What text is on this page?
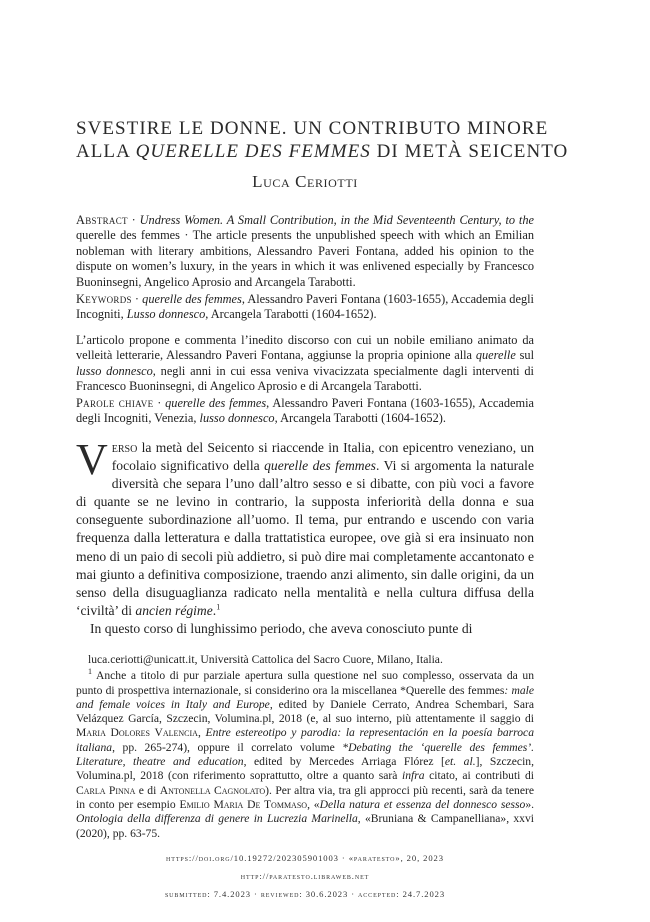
SVESTIRE LE DONNE. UN CONTRIBUTO MINORE
ALLA QUERELLE DES FEMMES DI METÀ SEICENTO
Luca Ceriotti
Abstract · Undress Women. A Small Contribution, in the Mid Seventeenth Century, to the querelle des femmes · The article presents the unpublished speech with which an Emilian nobleman with literary ambitions, Alessandro Paveri Fontana, added his opinion to the dispute on women’s luxury, in the years in which it was enlivened especially by Francesco Buoninsegni, Angelico Aprosio and Arcangela Tarabotti.
Keywords · querelle des femmes, Alessandro Paveri Fontana (1603-1655), Accademia degli Incogniti, Lusso donnesco, Arcangela Tarabotti (1604-1652).
L’articolo propone e commenta l’inedito discorso con cui un nobile emiliano animato da velleità letterarie, Alessandro Paveri Fontana, aggiunse la propria opinione alla querelle sul lusso donnesco, negli anni in cui essa veniva vivacizzata specialmente dagli interventi di Francesco Buoninsegni, di Angelico Aprosio e di Arcangela Tarabotti.
Parole chiave · querelle des femmes, Alessandro Paveri Fontana (1603-1655), Accademia degli Incogniti, Venezia, lusso donnesco, Arcangela Tarabotti (1604-1652).

Verso la metà del Seicento si riaccende in Italia, con epicentro veneziano, un focolaio significativo della querelle des femmes. Vi si argomenta la naturale diversità che separa l’uno dall’altro sesso e si dibatte, con più voci a favore di quante se ne levino in contrario, la supposta inferiorità della donna e sua conseguente subordinazione all’uomo. Il tema, pur entrando e uscendo con varia frequenza dalla letteratura e dalla trattatistica europee, ove già si era insinuato non meno di un paio di secoli più addietro, si può dire mai completamente accantonato e mai giunto a definitiva composizione, traendo anzi alimento, sin dalle origini, da un senso della disuguaglianza radicato nella mentalità e nella cultura diffusa della ‘civiltà’ di ancien régime.$^1$

In questo corso di lunghissimo periodo, che aveva conosciuto punte di

luca.ceriotti@unicatt.it, Università Cattolica del Sacro Cuore, Milano, Italia.

$^1$ Anche a titolo di pur parziale apertura sulla questione nel suo complesso, osservata da un punto di prospettiva internazionale, si considerino ora la miscellanea *Querelle des femmes: male and female voices in Italy and Europe, edited by Daniele Cerrato, Andrea Schembari, Sara Velázquez García, Szczecin, Volumina.pl, 2018 (e, al suo interno, più attentamente il saggio di Maria Dolores Valencia, Entre estereotipo y parodia: la representación en la poesía barroca italiana, pp. 265-274), oppure il correlato volume *Debating the ‘querelle des femmes’. Literature, theatre and education, edited by Mercedes Arriaga Flórez [et. al.], Szczecin, Volumina.pl, 2018 (con riferimento soprattutto, oltre a quanto sarà infra citato, ai contributi di Carla Pinna e di Antonella Cagnolato). Per altra via, tra gli approcci più recenti, sarà da tenere in conto per esempio Emilio Maria De Tommaso, «Della natura et essenza del donnesco sesso». Ontologia della differenza di genere in Lucrezia Marinella, «Bruniana & Campanelliana», xxvi (2020), pp. 63-75.

https://doi.org/10.19272/202305901003 · «paratesto», 20, 2023
http://paratesto.libraweb.net
submitted: 7.4.2023 · reviewed: 30.6.2023 · accepted: 24.7.2023
